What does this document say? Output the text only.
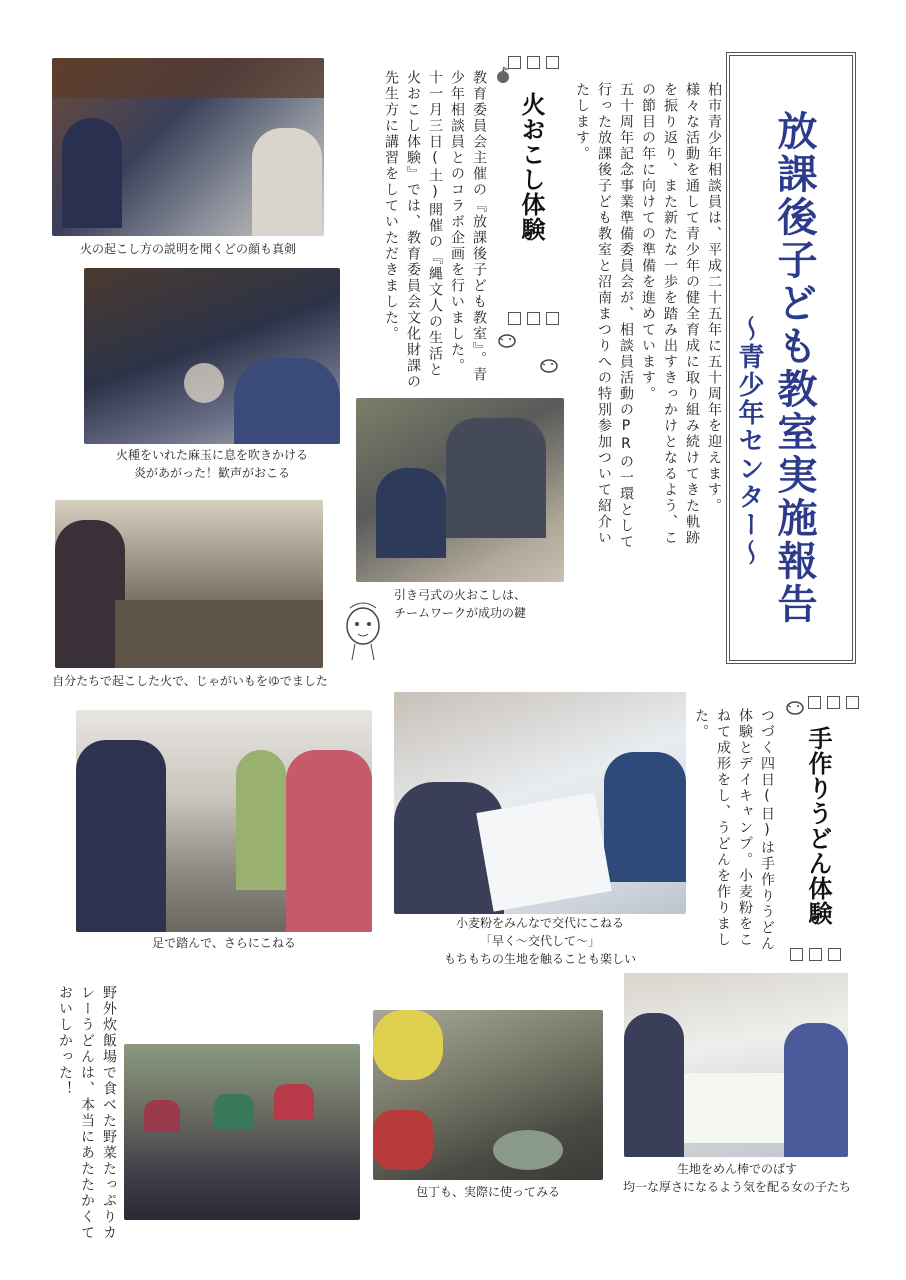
放課後子ども教室実施報告
～青少年センター～

柏市青少年相談員は、平成二十五年に五十周年を迎えます。

様々な活動を通して青少年の健全育成に取り組み続けてきた軌跡を振り返り、また新たな一歩を踏み出すきっかけとなるよう、この節目の年に向けての準備を進めています。

五十周年記念事業準備委員会が、相談員活動のPRの一環として行った放課後子ども教室と沼南まつりへの特別参加ついて紹介いたします。

火おこし体験

教育委員会主催の『放課後子ども教室』。青少年相談員とのコラボ企画を行いました。

十一月三日(土)開催の『縄文人の生活と火おこし体験』では、教育委員会文化財課の先生方に講習をしていただきました。

火の起こし方の説明を聞くどの顔も真剣
火種をいれた麻玉に息を吹きかける
炎があがった！歓声がおこる
引き弓式の火おこしは、
チームワークが成功の鍵
自分たちで起こした火で、じゃがいもをゆでました
手作りうどん体験

つづく四日(日)は手作りうどん体験とデイキャンプ。小麦粉をこねて成形をし、うどんを作りました。

足で踏んで、さらにこねる
小麦粉をみんなで交代にこねる
「早く～交代して～」
もちもちの生地を触ることも楽しい
野外炊飯場で食べた野菜たっぷりカレーうどんは、本当にあたたかくておいしかった！
包丁も、実際に使ってみる
生地をめん棒でのばす
均一な厚さになるよう気を配る女の子たち
